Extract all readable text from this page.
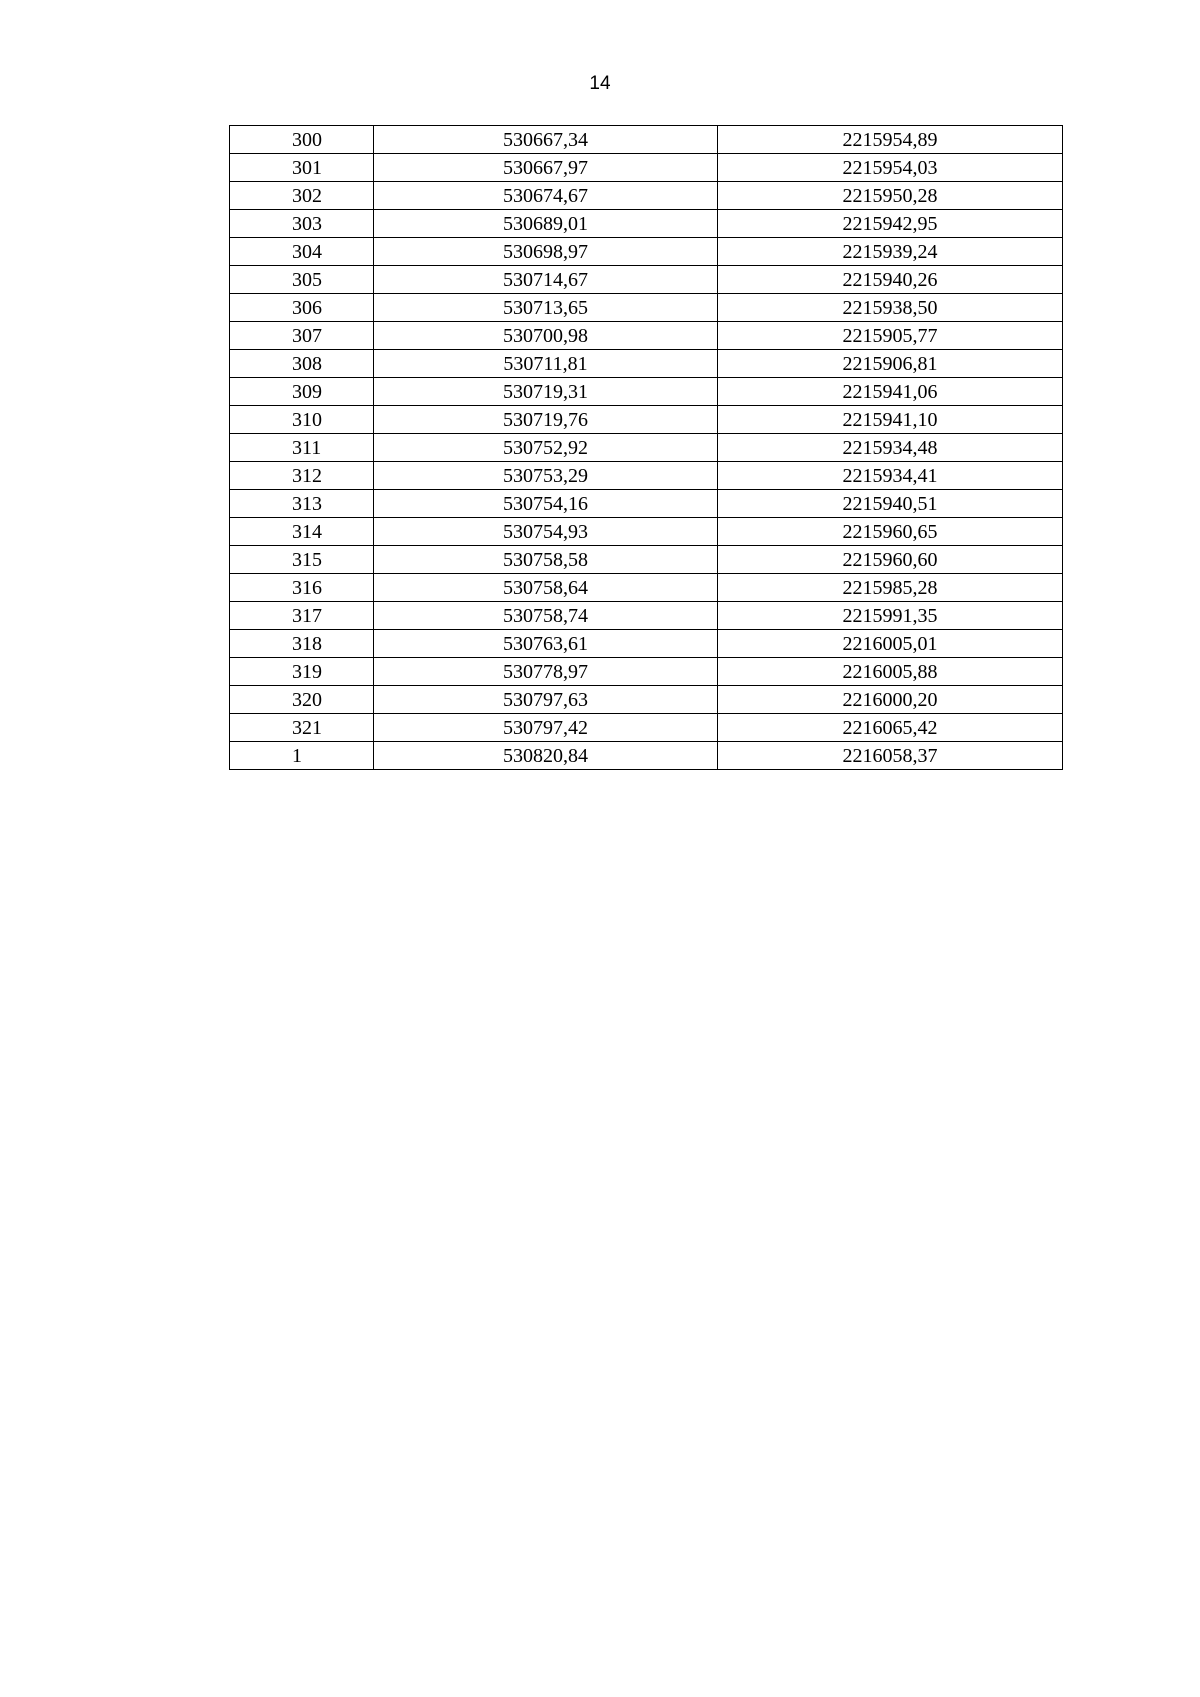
14
300	530667,34	2215954,89
301	530667,97	2215954,03
302	530674,67	2215950,28
303	530689,01	2215942,95
304	530698,97	2215939,24
305	530714,67	2215940,26
306	530713,65	2215938,50
307	530700,98	2215905,77
308	530711,81	2215906,81
309	530719,31	2215941,06
310	530719,76	2215941,10
311	530752,92	2215934,48
312	530753,29	2215934,41
313	530754,16	2215940,51
314	530754,93	2215960,65
315	530758,58	2215960,60
316	530758,64	2215985,28
317	530758,74	2215991,35
318	530763,61	2216005,01
319	530778,97	2216005,88
320	530797,63	2216000,20
321	530797,42	2216065,42
1	530820,84	2216058,37
